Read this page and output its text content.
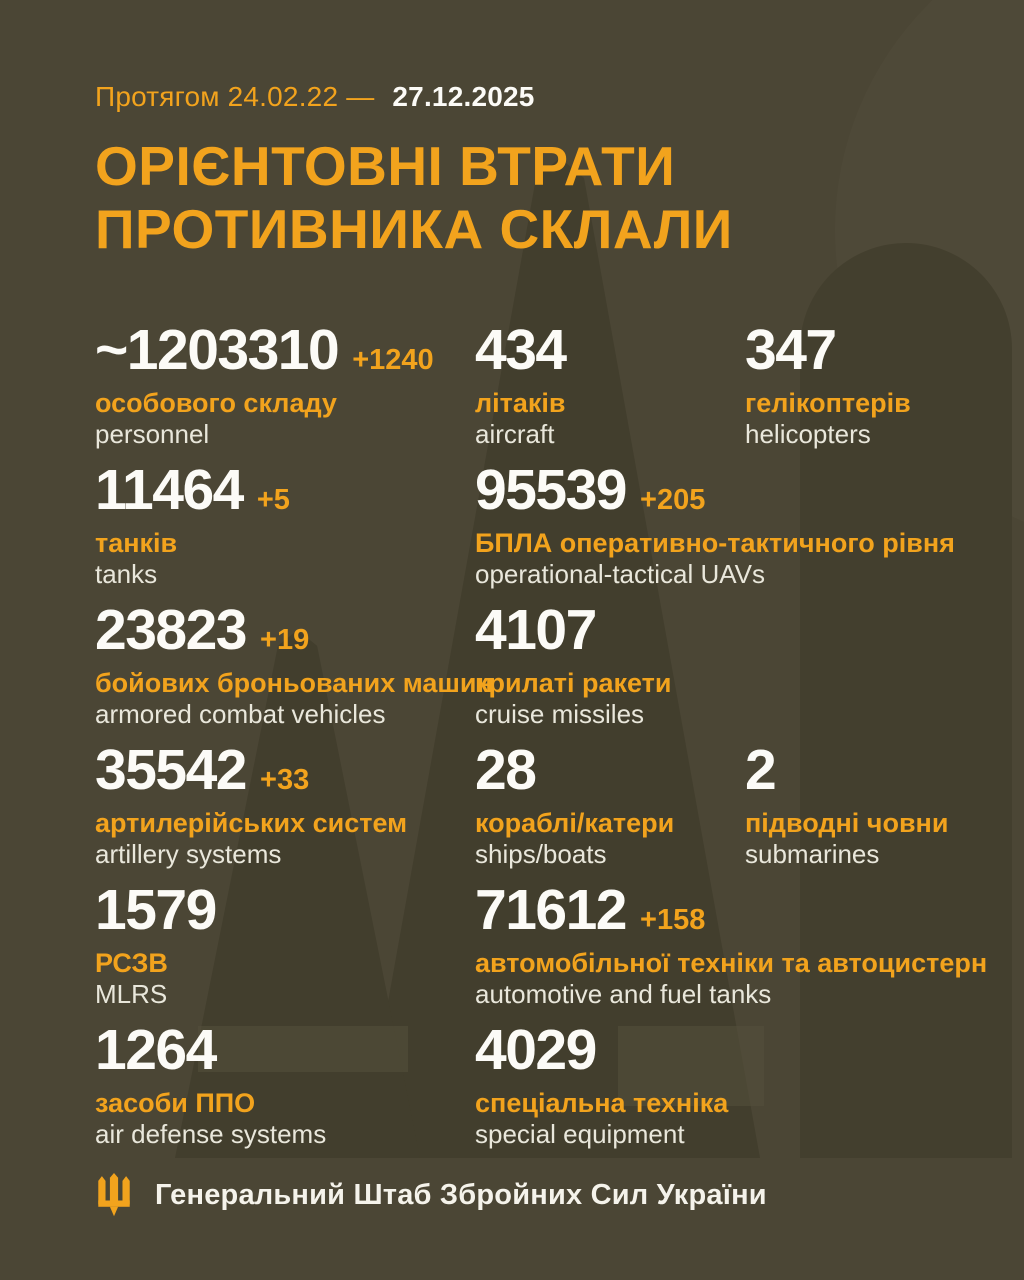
Протягом 24.02.22 — 27.12.2025
ОРІЄНТОВНІ ВТРАТИ
ПРОТИВНИКА СКЛАЛИ
~1203310 +1240
особового складу
personnel
434
літаків
aircraft
347
гелікоптерів
helicopters
11464 +5
танків
tanks
95539 +205
БПЛА оперативно-тактичного рівня
operational-tactical UAVs
23823 +19
бойових броньованих машин
armored combat vehicles
4107
крилаті ракети
cruise missiles
35542 +33
артилерійських систем
artillery systems
28
кораблі/катери
ships/boats
2
підводні човни
submarines
1579
РСЗВ
MLRS
71612 +158
автомобільної техніки та автоцистерн
automotive and fuel tanks
1264
засоби ППО
air defense systems
4029
спеціальна техніка
special equipment
Генеральний Штаб Збройних Сил України
